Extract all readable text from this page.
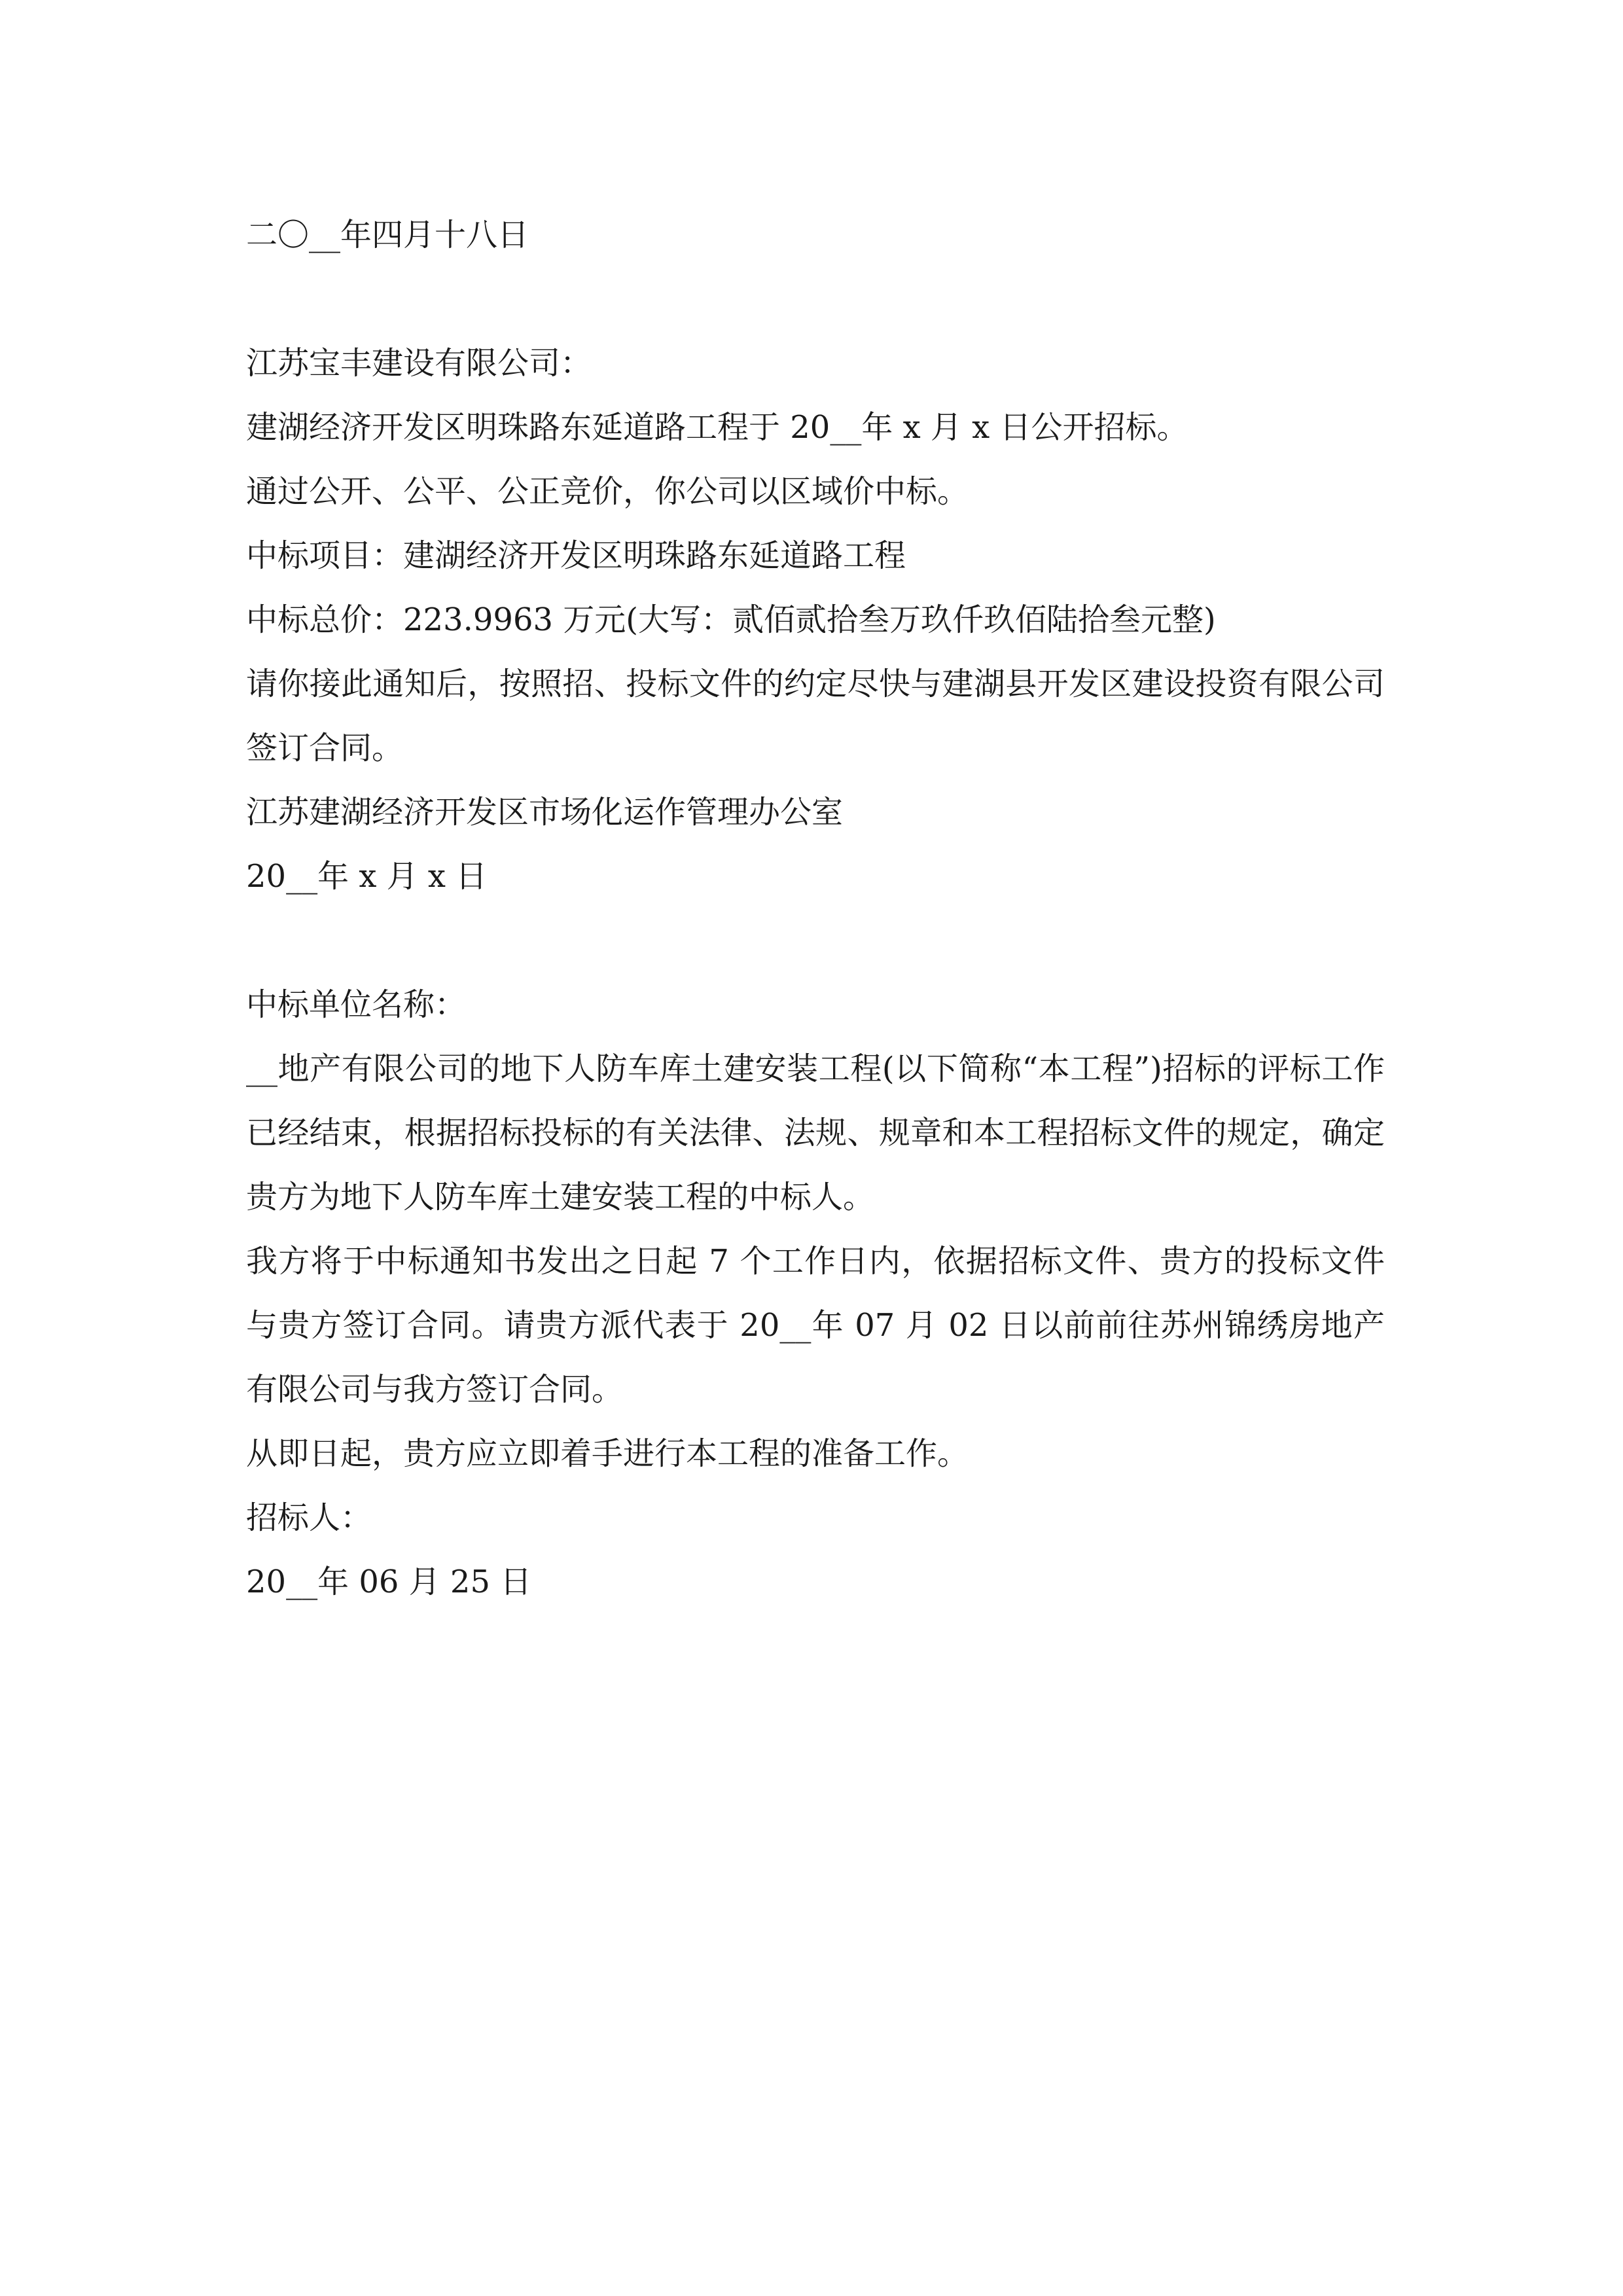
二〇__年四月十八日
江苏宝丰建设有限公司：
建湖经济开发区明珠路东延道路工程于 20__年 x 月 x 日公开招标。
通过公开、公平、公正竞价，你公司以区域价中标。
中标项目：建湖经济开发区明珠路东延道路工程
中标总价：223.9963 万元(大写：贰佰贰拾叁万玖仟玖佰陆拾叁元整)
请你接此通知后，按照招、投标文件的约定尽快与建湖县开发区建设投资有限公司签订合同。
江苏建湖经济开发区市场化运作管理办公室
20__年 x 月 x 日
中标单位名称：
__地产有限公司的地下人防车库土建安装工程(以下简称“本工程”)招标的评标工作已经结束，根据招标投标的有关法律、法规、规章和本工程招标文件的规定，确定贵方为地下人防车库土建安装工程的中标人。
我方将于中标通知书发出之日起 7 个工作日内，依据招标文件、贵方的投标文件与贵方签订合同。请贵方派代表于 20__年 07 月 02 日以前前往苏州锦绣房地产有限公司与我方签订合同。
从即日起，贵方应立即着手进行本工程的准备工作。
招标人：
20__年 06 月 25 日
